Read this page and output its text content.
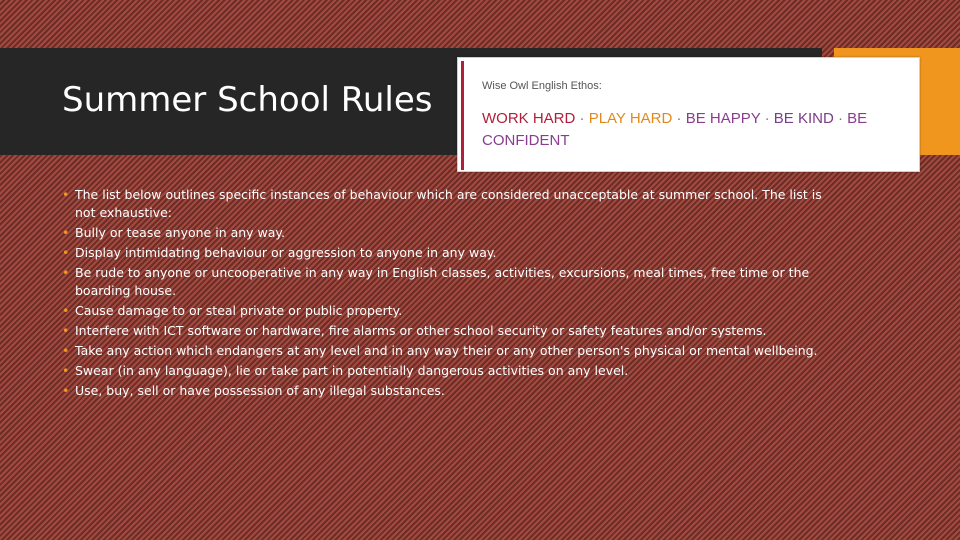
Summer School Rules	Wise Owl English Ethos:
WORK HARD · PLAY HARD · BE HAPPY · BE KIND · BE CONFIDENT
• The list below outlines specific instances of behaviour which are considered unacceptable at summer school. The list is not exhaustive:
• Bully or tease anyone in any way.
• Display intimidating behaviour or aggression to anyone in any way.
• Be rude to anyone or uncooperative in any way in English classes, activities, excursions, meal times, free time or the boarding house.
• Cause damage to or steal private or public property.
• Interfere with ICT software or hardware, fire alarms or other school security or safety features and/or systems.
• Take any action which endangers at any level and in any way their or any other person's physical or mental wellbeing.
• Swear (in any language), lie or take part in potentially dangerous activities on any level.
• Use, buy, sell or have possession of any illegal substances.
